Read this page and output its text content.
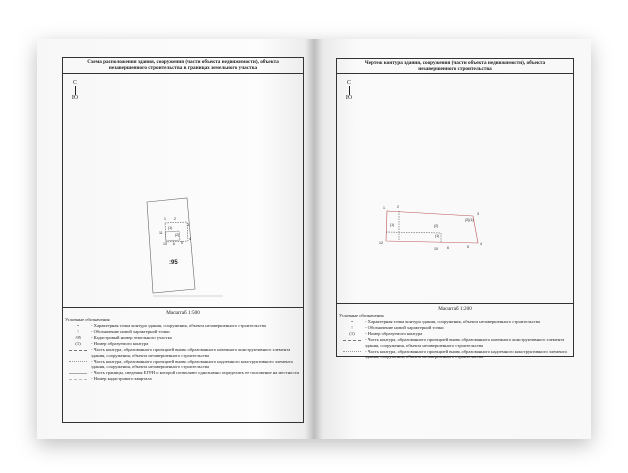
Схема расположения здания, сооружения (части объекта недвижимости), объекта
незавершенного строительства в границах земельного участка
С
Ю
1 2
3
4
5
6
10
11
(1)
(2)
:95
Масштаб 1:500
Условные обозначения
•	- Характерная точка контура здания, сооружения, объекта незавершенного строительства
↑	- Обозначение новой характерной точки
:95	- Кадастровый номер земельного участка
(1)	- Номер образуемого контура
- Часть контура, образованного проекцией вновь образованного наземного конструктивного элемента здания, сооружения, объекта незавершенного строительства
- Часть контура, образованного проекцией вновь образованного надземного конструктивного элемента здания, сооружения, объекта незавершенного строительства
- Часть границы, сведения ЕГРН о которой позволяют однозначно определить ее положение на местности
- Номер кадастрового квартала
Чертеж контура здания, сооружения (части объекта недвижимости), объекта
незавершенного строительства
С
Ю
1	2
3
4
5
6
10
12
(1)	(2)
(1)
(2)(1)
Масштаб 1:200
Условные обозначения
•	- Характерная точка контура здания, сооружения, объекта незавершенного строительства
↑	- Обозначение новой характерной точки
(1)	- Номер образуемого контура
- Часть контура, образованного проекцией вновь образованного наземного конструктивного элемента здания, сооружения, объекта незавершенного строительства
- Часть контура, образованного проекцией вновь образованного надземного конструктивного элемента здания, сооружения, объекта незавершенного строительства
